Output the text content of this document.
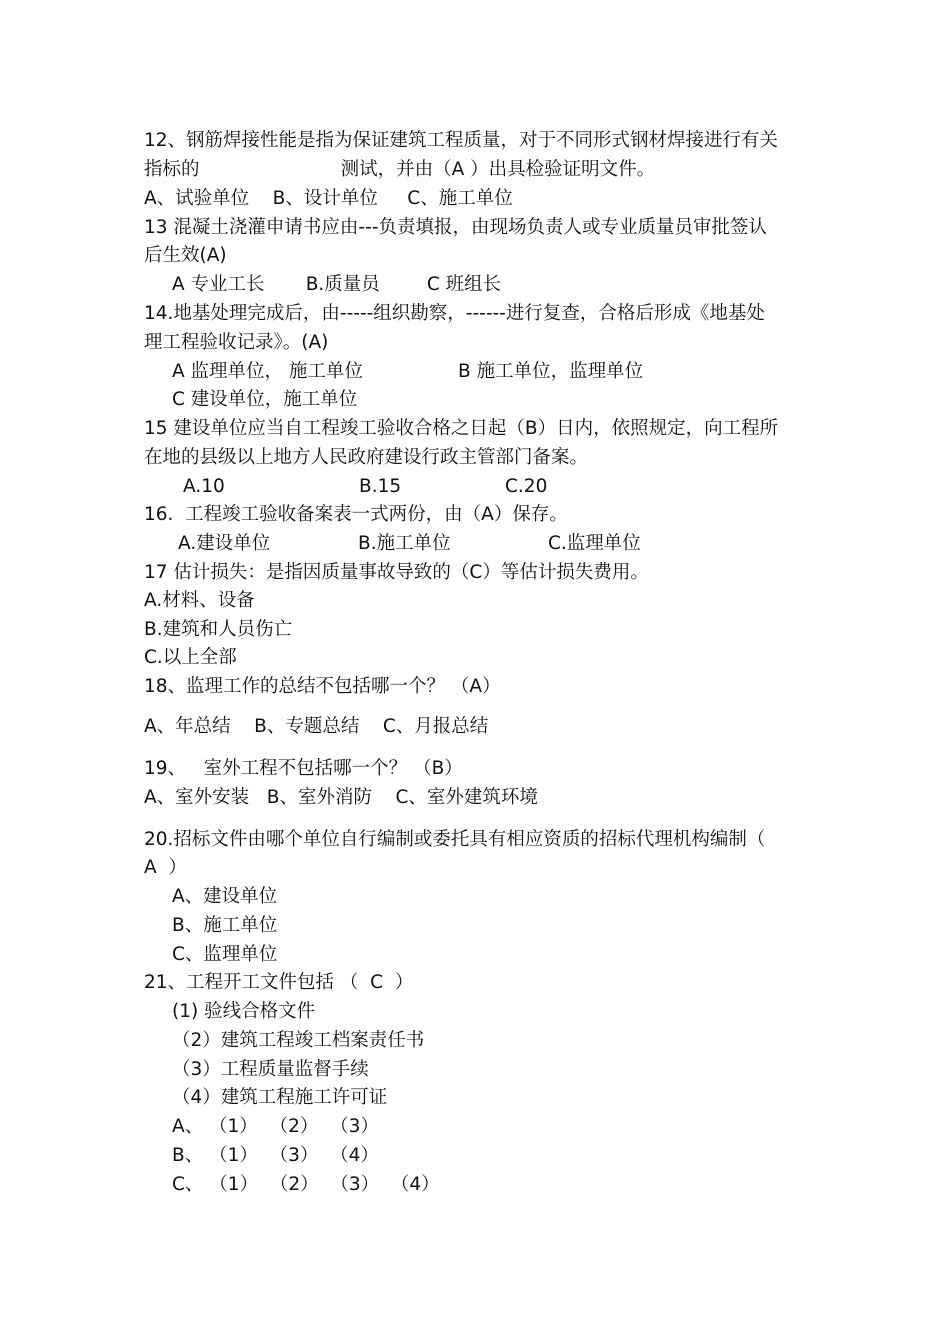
12、钢筋焊接性能是指为保证建筑工程质量，对于不同形式钢材焊接进行有关
指标的                        测试，并由（A ）出具检验证明文件。
A、试验单位    B、设计单位     C、施工单位
13 混凝土浇灌申请书应由---负责填报，由现场负责人或专业质量员审批签认
后生效(A)
A 专业工长       B.质量员        C 班组长
14.地基处理完成后，由-----组织勘察，------进行复查，合格后形成《地基处
理工程验收记录》。(A)
A 监理单位， 施工单位	B 施工单位，监理单位
C 建设单位，施工单位
15 建设单位应当自工程竣工验收合格之日起（B）日内，依照规定，向工程所
在地的县级以上地方人民政府建设行政主管部门备案。
A.10	B.15	C.20
16.  工程竣工验收备案表一式两份，由（A）保存。
A.建设单位	B.施工单位	C.监理单位
17 估计损失：是指因质量事故导致的（C）等估计损失费用。
A.材料、设备
B.建筑和人员伤亡
C.以上全部
18、监理工作的总结不包括哪一个？ （A）
A、年总结    B、专题总结    C、月报总结
19、   室外工程不包括哪一个？ （B）
A、室外安装   B、室外消防    C、室外建筑环境
20.招标文件由哪个单位自行编制或委托具有相应资质的招标代理机构编制（
A  ）
A、建设单位
B、施工单位
C、监理单位
21、工程开工文件包括 （  C  ）
(1) 验线合格文件
（2）建筑工程竣工档案责任书
（3）工程质量监督手续
（4）建筑工程施工许可证
A、 （1）  （2）  （3）
B、 （1）  （3）  （4）
C、 （1）  （2）  （3）  （4）
